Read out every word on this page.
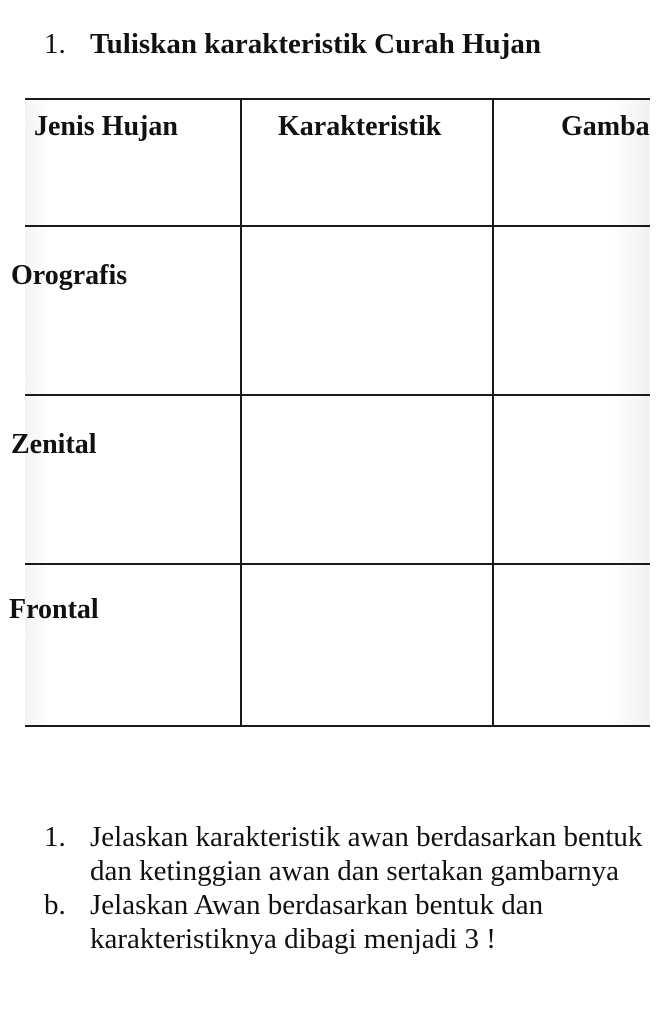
1. Tuliskan karakteristik Curah Hujan
Jenis Hujan	Karakteristik	Gamba
Orografis
Zenital
Frontal
1. Jelaskan karakteristik awan berdasarkan bentuk dan ketinggian awan dan sertakan gambarnya
b. Jelaskan Awan berdasarkan bentuk dan karakteristiknya dibagi menjadi 3 !
